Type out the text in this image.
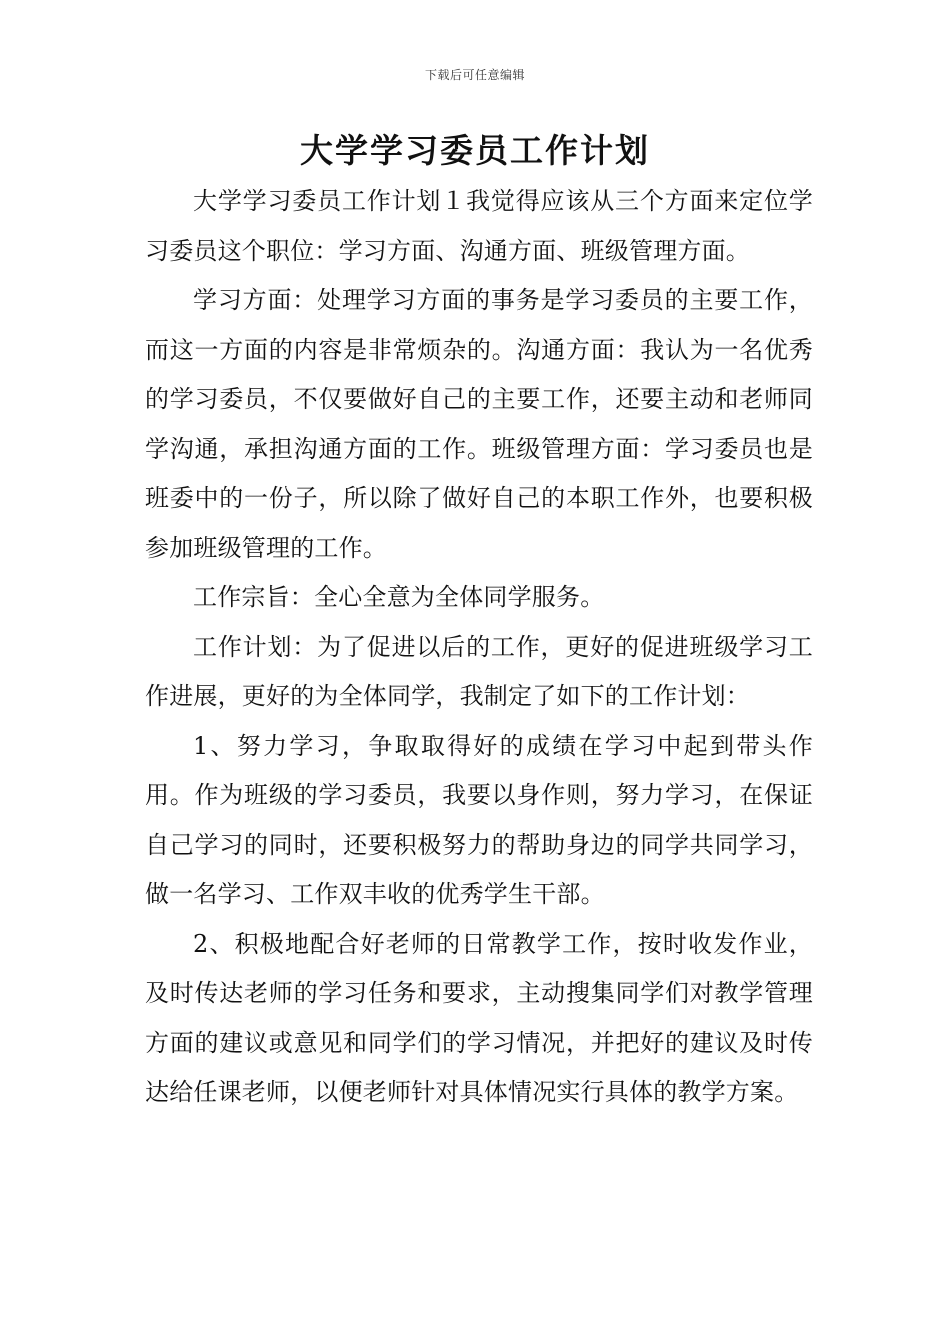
下载后可任意编辑
大学学习委员工作计划

大学学习委员工作计划１我觉得应该从三个方面来定位学习委员这个职位：学习方面、沟通方面、班级管理方面。

学习方面：处理学习方面的事务是学习委员的主要工作，而这一方面的内容是非常烦杂的。沟通方面：我认为一名优秀的学习委员，不仅要做好自己的主要工作，还要主动和老师同学沟通，承担沟通方面的工作。班级管理方面：学习委员也是班委中的一份子，所以除了做好自己的本职工作外，也要积极参加班级管理的工作。

工作宗旨：全心全意为全体同学服务。

工作计划：为了促进以后的工作，更好的促进班级学习工作进展，更好的为全体同学，我制定了如下的工作计划：

1、努力学习，争取取得好的成绩在学习中起到带头作用。作为班级的学习委员，我要以身作则，努力学习，在保证自己学习的同时，还要积极努力的帮助身边的同学共同学习，做一名学习、工作双丰收的优秀学生干部。

2、积极地配合好老师的日常教学工作，按时收发作业，及时传达老师的学习任务和要求，主动搜集同学们对教学管理方面的建议或意见和同学们的学习情况，并把好的建议及时传达给任课老师，以便老师针对具体情况实行具体的教学方案。
